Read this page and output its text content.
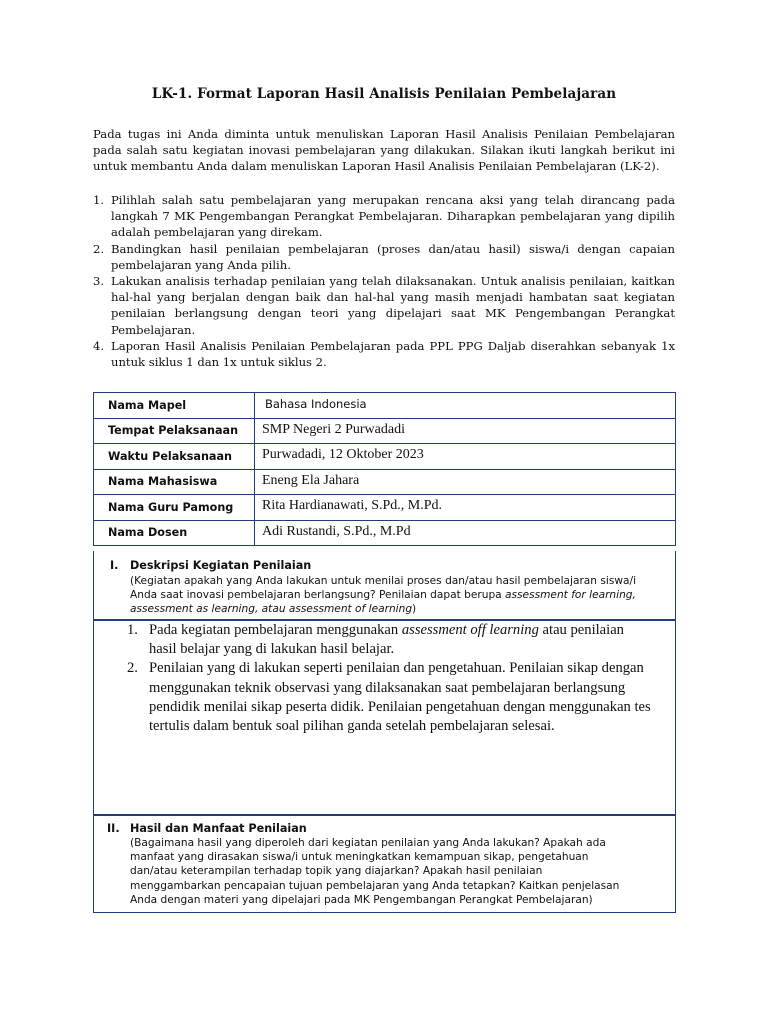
LK-1. Format Laporan Hasil Analisis Penilaian Pembelajaran
Pada tugas ini Anda diminta untuk menuliskan Laporan Hasil Analisis Penilaian Pembelajaran pada salah satu kegiatan inovasi pembelajaran yang dilakukan. Silakan ikuti langkah berikut ini untuk membantu Anda dalam menuliskan Laporan Hasil Analisis Penilaian Pembelajaran (LK-2).
1. Pilihlah salah satu pembelajaran yang merupakan rencana aksi yang telah dirancang pada langkah 7 MK Pengembangan Perangkat Pembelajaran. Diharapkan pembelajaran yang dipilih adalah pembelajaran yang direkam.
2. Bandingkan hasil penilaian pembelajaran (proses dan/atau hasil) siswa/i dengan capaian pembelajaran yang Anda pilih.
3. Lakukan analisis terhadap penilaian yang telah dilaksanakan. Untuk analisis penilaian, kaitkan hal-hal yang berjalan dengan baik dan hal-hal yang masih menjadi hambatan saat kegiatan penilaian berlangsung dengan teori yang dipelajari saat MK Pengembangan Perangkat Pembelajaran.
4. Laporan Hasil Analisis Penilaian Pembelajaran pada PPL PPG Daljab diserahkan sebanyak 1x untuk siklus 1 dan 1x untuk siklus 2.
Nama Mapel	Bahasa Indonesia
Tempat Pelaksanaan	SMP Negeri 2 Purwadadi
Waktu Pelaksanaan	Purwadadi, 12 Oktober 2023
Nama Mahasiswa	Eneng Ela Jahara
Nama Guru Pamong	Rita Hardianawati, S.Pd., M.Pd.
Nama Dosen	Adi Rustandi, S.Pd., M.Pd
I. Deskripsi Kegiatan Penilaian
(Kegiatan apakah yang Anda lakukan untuk menilai proses dan/atau hasil pembelajaran siswa/i Anda saat inovasi pembelajaran berlangsung? Penilaian dapat berupa assessment for learning, assessment as learning, atau assessment of learning)
1. Pada kegiatan pembelajaran menggunakan assessment off learning atau penilaian hasil belajar yang di lakukan hasil belajar.
2. Penilaian yang di lakukan seperti penilaian dan pengetahuan. Penilaian sikap dengan menggunakan teknik observasi yang dilaksanakan saat pembelajaran berlangsung pendidik menilai sikap peserta didik. Penilaian pengetahuan dengan menggunakan tes tertulis dalam bentuk soal pilihan ganda setelah pembelajaran selesai.
II. Hasil dan Manfaat Penilaian
(Bagaimana hasil yang diperoleh dari kegiatan penilaian yang Anda lakukan? Apakah ada manfaat yang dirasakan siswa/i untuk meningkatkan kemampuan sikap, pengetahuan dan/atau keterampilan terhadap topik yang diajarkan? Apakah hasil penilaian menggambarkan pencapaian tujuan pembelajaran yang Anda tetapkan? Kaitkan penjelasan Anda dengan materi yang dipelajari pada MK Pengembangan Perangkat Pembelajaran)
